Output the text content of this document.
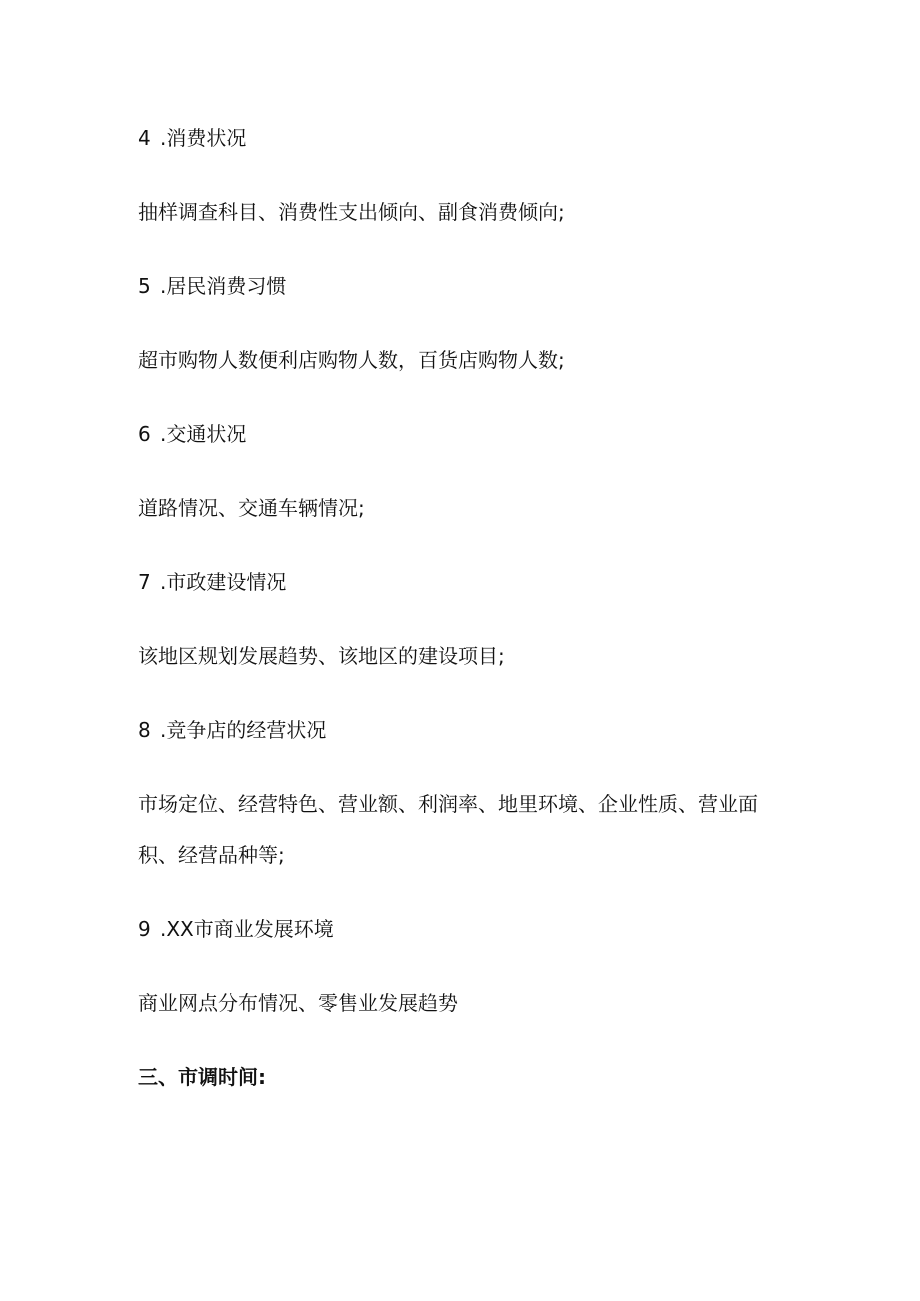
4 .消费状况
抽样调查科目、消费性支出倾向、副食消费倾向;
5 .居民消费习惯
超市购物人数便利店购物人数，百货店购物人数;
6 .交通状况
道路情况、交通车辆情况;
7 .市政建设情况
该地区规划发展趋势、该地区的建设项目;
8 .竞争店的经营状况
市场定位、经营特色、营业额、利润率、地里环境、企业性质、营业面
积、经营品种等;
9 .XX市商业发展环境
商业网点分布情况、零售业发展趋势
三、市调时间:
